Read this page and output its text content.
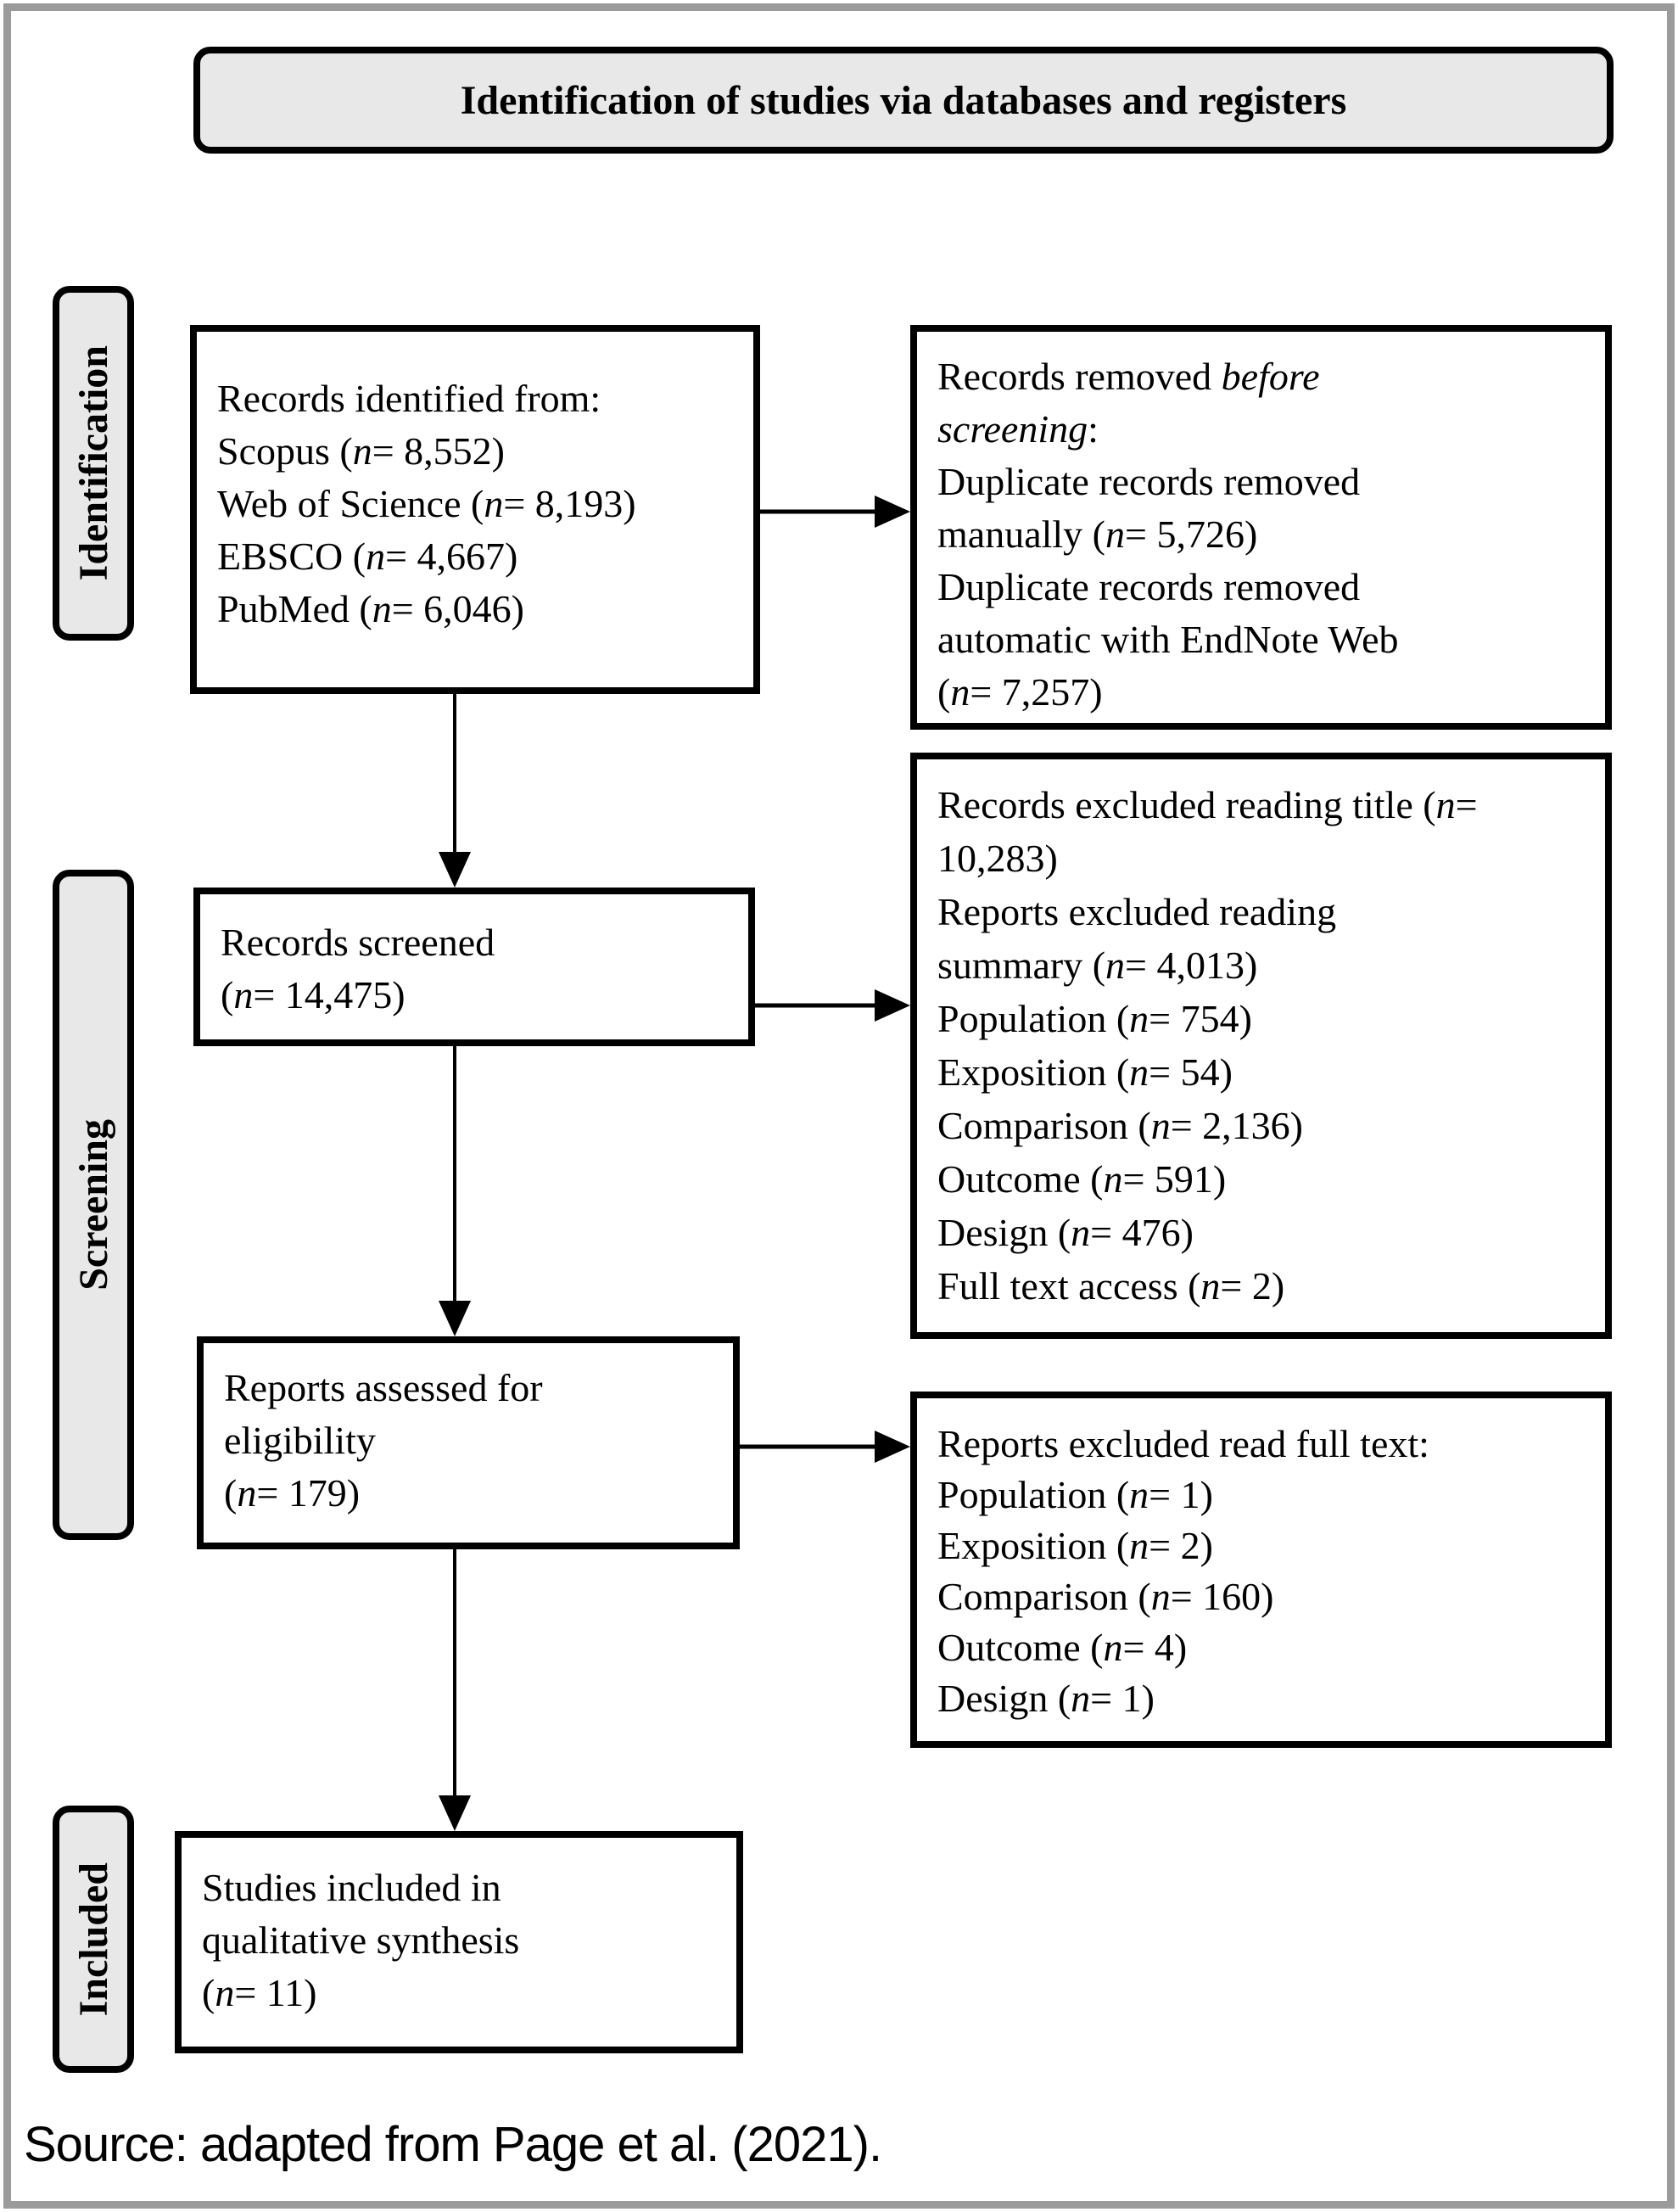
Identification of studies via databases and registers
Identification
Screening
Included
Records identified from:
Scopus (n= 8,552)
Web of Science (n= 8,193)
EBSCO (n= 4,667)
PubMed (n= 6,046)
Records removed before
screening:
Duplicate records removed
manually (n= 5,726)
Duplicate records removed
automatic with EndNote Web
(n= 7,257)
Records screened
(n= 14,475)
Records excluded reading title (n=
10,283)
Reports excluded reading
summary (n= 4,013)
Population (n= 754)
Exposition (n= 54)
Comparison (n= 2,136)
Outcome (n= 591)
Design (n= 476)
Full text access (n= 2)
Reports assessed for
eligibility
(n= 179)
Reports excluded read full text:
Population (n= 1)
Exposition (n= 2)
Comparison (n= 160)
Outcome (n= 4)
Design (n= 1)
Studies included in
qualitative synthesis
(n= 11)
Source: adapted from Page et al. (2021).
